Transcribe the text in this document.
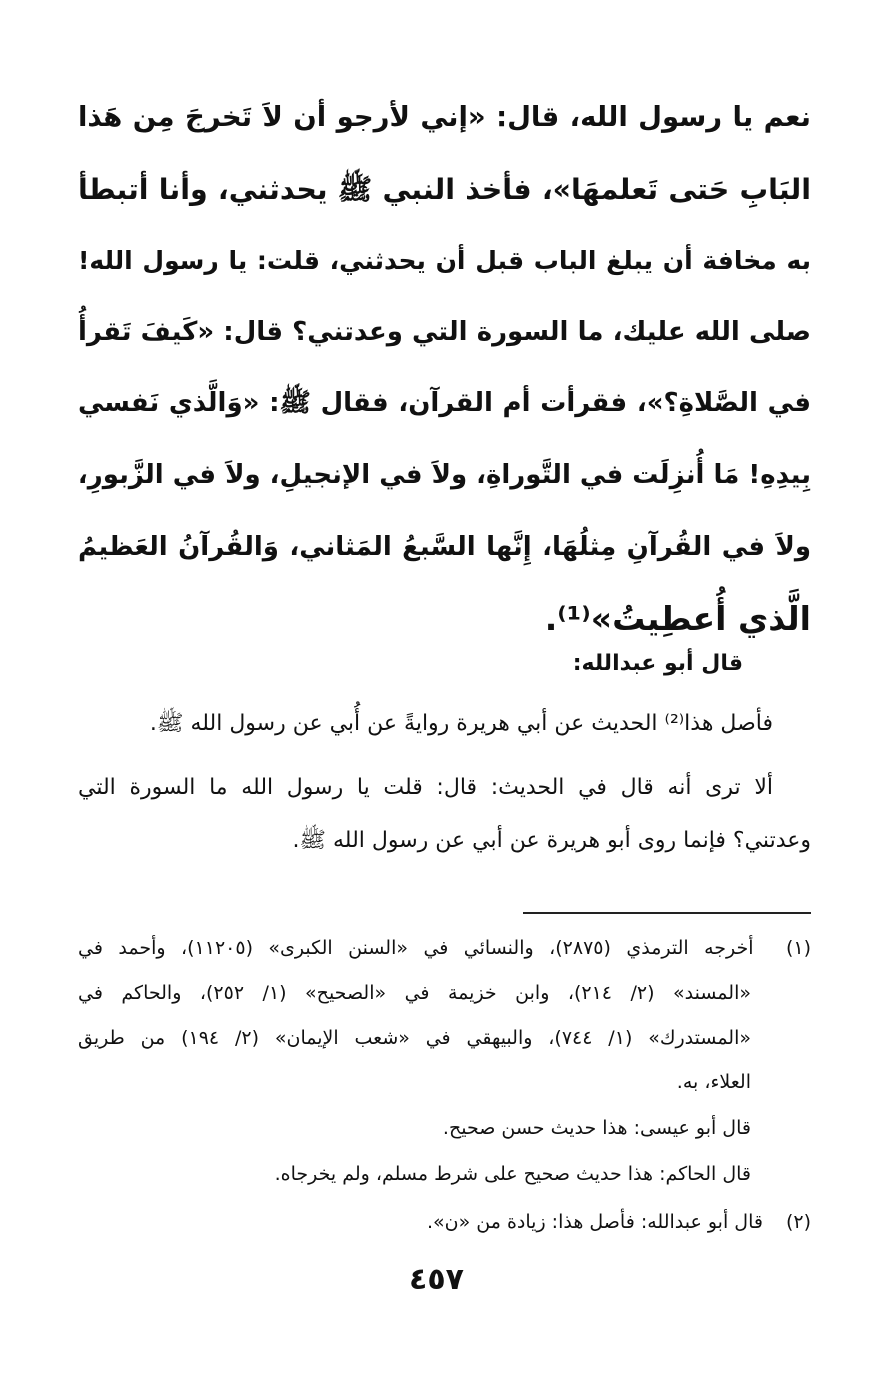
نعم يا رسول الله، قال: «إني لأرجو أن لاَ تَخرجَ مِن هَذا
البَابِ حَتى تَعلمهَا»، فأخذ النبي ﷺ يحدثني، وأنا أتبطأ
به مخافة أن يبلغ الباب قبل أن يحدثني، قلت: يا رسول الله!
صلى الله عليك، ما السورة التي وعدتني؟ قال: «كَيفَ تَقرأُ
في الصَّلاةِ؟»، فقرأت أم القرآن، فقال ﷺ: «وَالَّذي نَفسي
بِيدِهِ! مَا أُنزِلَت في التَّوراةِ، ولاَ في الإنجيلِ، ولاَ في الزَّبورِ،
ولاَ في القُرآنِ مِثلُهَا، إِنَّها السَّبعُ المَثاني، وَالقُرآنُ العَظيمُ
الَّذي أُعطِيتُ»⁽¹⁾.
قال أبو عبدالله:
فأصل هذا⁽²⁾ الحديث عن أبي هريرة روايةً عن أُبي عن رسول الله ﷺ.
ألا ترى أنه قال في الحديث: قال: قلت يا رسول الله ما السورة التي
وعدتني؟ فإنما روى أبو هريرة عن أبي عن رسول الله ﷺ.
(١) أخرجه الترمذي (٢٨٧٥)، والنسائي في «السنن الكبرى» (١١٢٠٥)، وأحمد في
«المسند» (٢/ ٢١٤)، وابن خزيمة في «الصحيح» (١/ ٢٥٢)، والحاكم في
«المستدرك» (١/ ٧٤٤)، والبيهقي في «شعب الإيمان» (٢/ ١٩٤) من طريق
العلاء، به.
قال أبو عيسى: هذا حديث حسن صحيح.
قال الحاكم: هذا حديث صحيح على شرط مسلم، ولم يخرجاه.
(٢) قال أبو عبدالله: فأصل هذا: زيادة من «ن».
٤٥٧
